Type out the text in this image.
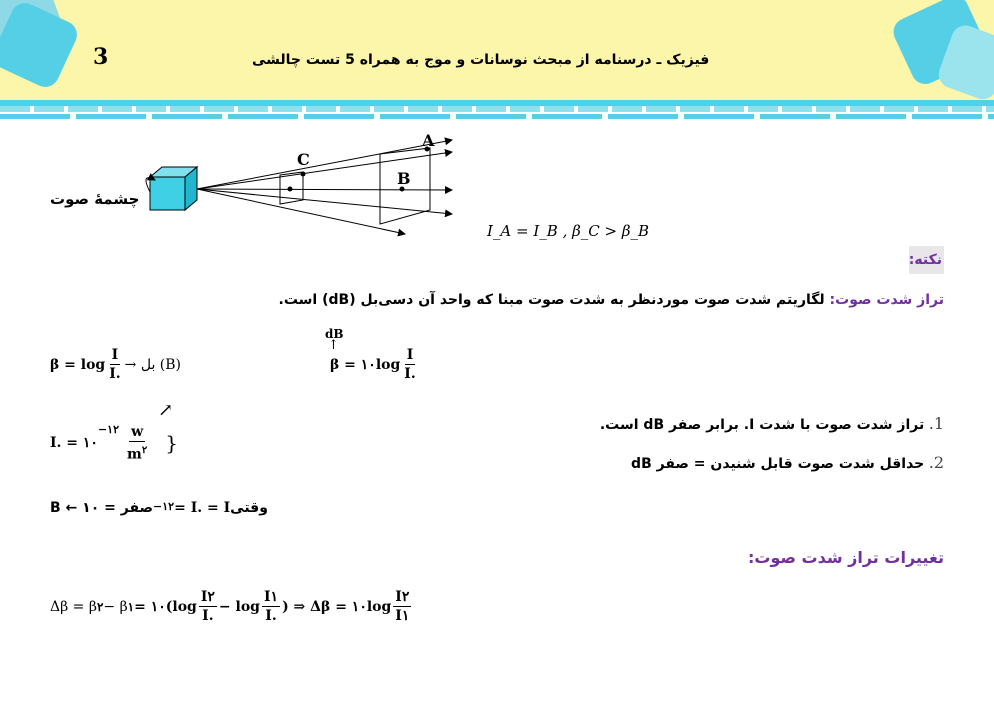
3	فیزیک ـ درسنامه از مبحث نوسانات و موج به همراه 5 تست چالشی
چشمهٔ صوت
A
B
C
I_A = I_B , β_C > β_B
نکته:
تراز شدت صوت: لگاریتم شدت صوت موردنظر به شدت صوت مبنا که واحد آن دسی‌بل (dB) است.
$\beta = \log \frac{I}{I.}$ → بل (B)
dB
↑
β = ۱۰log $\frac{I}{I.}$
↗
I. = ۱۰
$^{-۱۲} \frac{w}{m^۲}$ }
1. تراز شدت صوت با شدت I. برابر صفر dB است.
2. حداقل شدت صوت قابل شنیدن = صفر dB
صفر = B ← ۱۰ −۱۲ = I. = I وقتی
تغییرات تراز شدت صوت:
Δβ = β ۲ − β ۱ = ۱۰(log $\frac{I۲}{I.} - \log \frac{I۱}{I.}$ ) ⇒ Δβ = ۱۰log $\frac{I۲}{I۱}$
